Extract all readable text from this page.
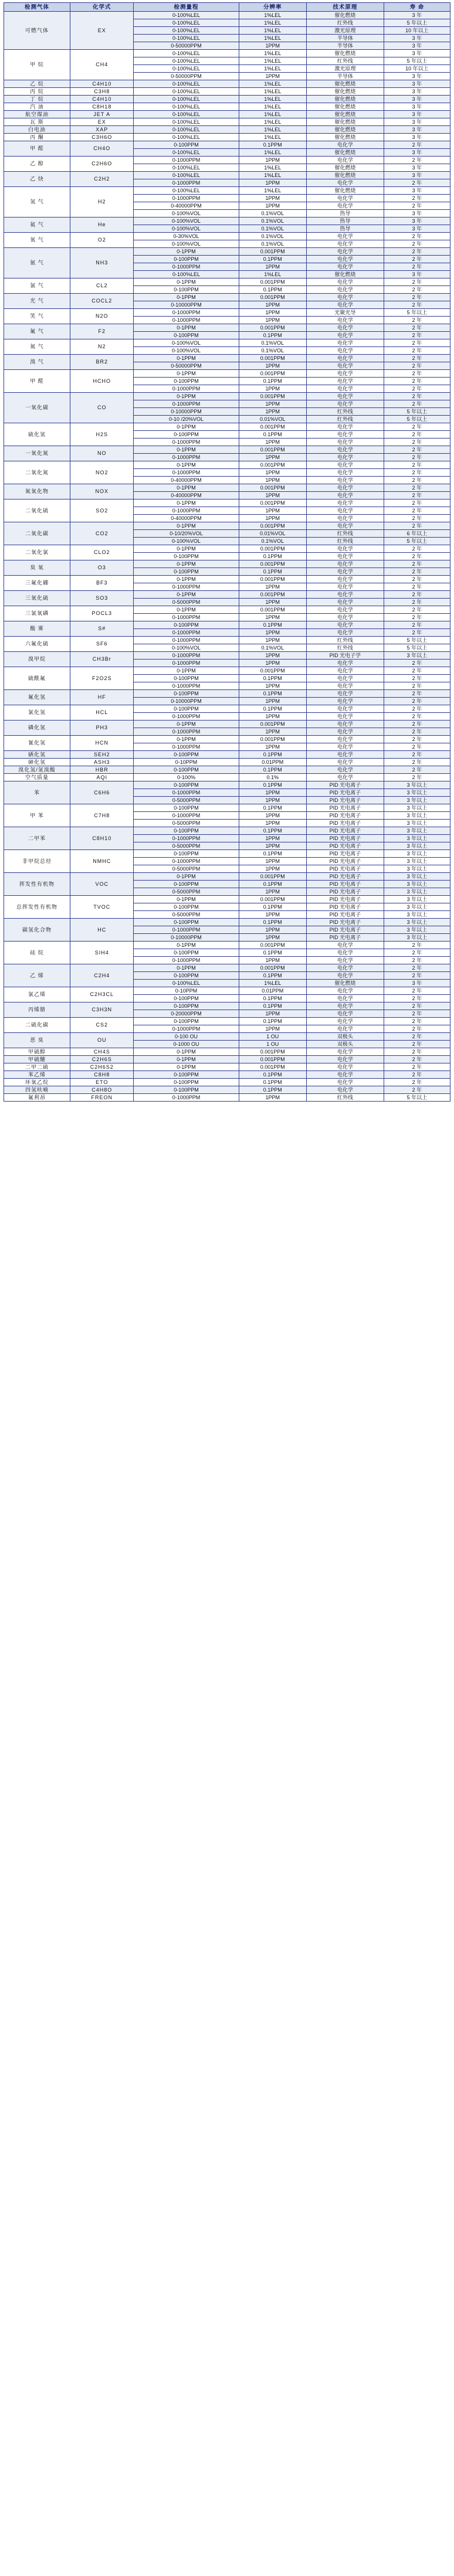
检测气体	化学式	检测量程	分辨率	技术原理	寿 命
可燃气体	EX	0-100%LEL	1%LEL	催化燃烧	3 年
		0-100%LEL	1%LEL	红外线	5 年以上
		0-100%LEL	1%LEL	激光原理	10 年以上
		0-100%LEL	1%LEL	半导体	3 年
		0-50000PPM	1PPM	半导体	3 年
甲 烷	CH4	0-100%LEL	1%LEL	催化燃烧	3 年
		0-100%LEL	1%LEL	红外线	5 年以上
		0-100%LEL	1%LEL	激光原理	10 年以上
		0-50000PPM	1PPM	半导体	3 年
乙 烷	C4H10	0-100%LEL	1%LEL	催化燃烧	3 年
丙 烷	C3H8	0-100%LEL	1%LEL	催化燃烧	3 年
丁 烷	C4H10	0-100%LEL	1%LEL	催化燃烧	3 年
汽 油	C8H18	0-100%LEL	1%LEL	催化燃烧	3 年
航空煤油	JET A	0-100%LEL	1%LEL	催化燃烧	3 年
瓦 斯	EX	0-100%LEL	1%LEL	催化燃烧	3 年
白电油	XAP	0-100%LEL	1%LEL	催化燃烧	3 年
丙 酮	C3H6O	0-100%LEL	1%LEL	催化燃烧	3 年
甲 醛	CH4O	0-100PPM	0.1PPM	电化学	2 年
		0-100%LEL	1%LEL	催化燃烧	3 年
乙 醇	C2H6O	0-1000PPM	1PPM	电化学	2 年
		0-100%LEL	1%LEL	催化燃烧	3 年
乙 炔	C2H2	0-100%LEL	1%LEL	催化燃烧	3 年
		0-1000PPM	1PPM	电化学	2 年
氢 气	H2	0-100%LEL	1%LEL	催化燃烧	3 年
		0-1000PPM	1PPM	电化学	2 年
		0-40000PPM	1PPM	电化学	2 年
		0-100%VOL	0.1%VOL	热导	3 年
氦 气	He	0-100%VOL	0.1%VOL	热导	3 年
		0-100%VOL	0.1%VOL	热导	3 年
氧 气	O2	0-30%VOL	0.1%VOL	电化学	2 年
		0-100%VOL	0.1%VOL	电化学	2 年
氨 气	NH3	0-1PPM	0.001PPM	电化学	2 年
		0-100PPM	0.1PPM	电化学	2 年
		0-1000PPM	1PPM	电化学	2 年
		0-100%LEL	1%LEL	催化燃烧	3 年
氯 气	CL2	0-1PPM	0.001PPM	电化学	2 年
		0-100PPM	0.1PPM	电化学	2 年
光 气	COCL2	0-1PPM	0.001PPM	电化学	2 年
		0-10000PPM	1PPM	电化学	2 年
笑 气	N2O	0-1000PPM	1PPM	光聚光导	5 年以上
		0-1000PPM	1PPM	电化学	2 年
氟 气	F2	0-1PPM	0.001PPM	电化学	2 年
		0-100PPM	0.1PPM	电化学	2 年
氮 气	N2	0-100%VOL	0.1%VOL	电化学	2 年
		0-100%VOL	0.1%VOL	电化学	2 年
溴 气	BR2	0-1PPM	0.001PPM	电化学	2 年
		0-50000PPM	1PPM	电化学	2 年
甲 醛	HCHO	0-1PPM	0.001PPM	电化学	2 年
		0-100PPM	0.1PPM	电化学	2 年
		0-1000PPM	1PPM	电化学	2 年
一氧化碳	CO	0-1PPM	0.001PPM	电化学	2 年
		0-1000PPM	1PPM	电化学	2 年
		0-10000PPM	1PPM	红外线	5 年以上
		0-10 /20%VOL	0.01%VOL	红外线	5 年以上
硫化氢	H2S	0-1PPM	0.001PPM	电化学	2 年
		0-100PPM	0.1PPM	电化学	2 年
		0-1000PPM	1PPM	电化学	2 年
一氧化氮	NO	0-1PPM	0.001PPM	电化学	2 年
		0-1000PPM	1PPM	电化学	2 年
二氧化氮	NO2	0-1PPM	0.001PPM	电化学	2 年
		0-1000PPM	1PPM	电化学	2 年
		0-40000PPM	1PPM	电化学	2 年
氮氧化物	NOX	0-1PPM	0.001PPM	电化学	2 年
		0-40000PPM	1PPM	电化学	2 年
二氧化硫	SO2	0-1PPM	0.001PPM	电化学	2 年
		0-1000PPM	1PPM	电化学	2 年
		0-40000PPM	1PPM	电化学	2 年
二氧化碳	CO2	0-1PPM	0.001PPM	电化学	2 年
		0-10/20%VOL	0.01%VOL	红外线	6 年以上
		0-100%VOL	0.1%VOL	红外线	5 年以上
二氧化氯	CLO2	0-1PPM	0.001PPM	电化学	2 年
		0-100PPM	0.1PPM	电化学	2 年
臭 氧	O3	0-1PPM	0.001PPM	电化学	2 年
		0-100PPM	0.1PPM	电化学	2 年
三氟化硼	BF3	0-1PPM	0.001PPM	电化学	2 年
		0-1000PPM	1PPM	电化学	2 年
三氧化硫	SO3	0-1PPM	0.001PPM	电化学	2 年
		0-5000PPM	1PPM	电化学	2 年
三氯氧磷	POCL3	0-1PPM	0.001PPM	电化学	2 年
		0-1000PPM	1PPM	电化学	2 年
酸 雾	S#	0-100PPM	0.1PPM	电化学	2 年
		0-1000PPM	1PPM	电化学	2 年
六氟化硫	SF6	0-1000PPM	1PPM	红外线	5 年以上
		0-100%VOL	0.1%VOL	红外线	5 年以上
溴甲烷	CH3Br	0-1000PPM	1PPM	PID 光电子学	3 年以上
		0-1000PPM	1PPM	电化学	2 年
硫酰氟	F2O2S	0-1PPM	0.001PPM	电化学	2 年
		0-100PPM	0.1PPM	电化学	2 年
		0-1000PPM	1PPM	电化学	2 年
氟化氢	HF	0-100PPM	0.1PPM	电化学	2 年
		0-10000PPM	1PPM	电化学	2 年
氯化氢	HCL	0-100PPM	0.1PPM	电化学	2 年
		0-1000PPM	1PPM	电化学	2 年
磷化氢	PH3	0-1PPM	0.001PPM	电化学	2 年
		0-1000PPM	1PPM	电化学	2 年
氰化氢	HCN	0-1PPM	0.001PPM	电化学	2 年
		0-1000PPM	1PPM	电化学	2 年
硒化氢	SEH2	0-100PPM	0.1PPM	电化学	2 年
砷化氢	ASH3	0-10PPM	0.01PPM	电化学	2 年
溴化氢/氢溴酸	HBR	0-100PPM	0.1PPM	电化学	2 年
空气质量	AQI	0-100%	0.1%	电化学	2 年
苯	C6H6	0-100PPM	0.1PPM	PID 光电离子	3 年以上
		0-1000PPM	1PPM	PID 光电离子	3 年以上
		0-5000PPM	1PPM	PID 光电离子	3 年以上
甲 苯	C7H8	0-100PPM	0.1PPM	PID 光电离子	3 年以上
		0-1000PPM	1PPM	PID 光电离子	3 年以上
		0-5000PPM	1PPM	PID 光电离子	3 年以上
二甲苯	C8H10	0-100PPM	0.1PPM	PID 光电离子	3 年以上
		0-1000PPM	1PPM	PID 光电离子	3 年以上
		0-5000PPM	1PPM	PID 光电离子	3 年以上
非甲烷总烃	NMHC	0-100PPM	0.1PPM	PID 光电离子	3 年以上
		0-1000PPM	1PPM	PID 光电离子	3 年以上
		0-5000PPM	1PPM	PID 光电离子	3 年以上
挥发性有机物	VOC	0-1PPM	0.001PPM	PID 光电离子	3 年以上
		0-100PPM	0.1PPM	PID 光电离子	3 年以上
		0-5000PPM	1PPM	PID 光电离子	3 年以上
总挥发性有机物	TVOC	0-1PPM	0.001PPM	PID 光电离子	3 年以上
		0-100PPM	0.1PPM	PID 光电离子	3 年以上
		0-5000PPM	1PPM	PID 光电离子	3 年以上
碳氢化合物	HC	0-100PPM	0.1PPM	PID 光电离子	3 年以上
		0-1000PPM	1PPM	PID 光电离子	3 年以上
		0-10000PPM	1PPM	PID 光电离子	3 年以上
硅 烷	SIH4	0-1PPM	0.001PPM	电化学	2 年
		0-100PPM	0.1PPM	电化学	2 年
		0-1000PPM	1PPM	电化学	2 年
乙 烯	C2H4	0-1PPM	0.001PPM	电化学	2 年
		0-100PPM	0.1PPM	电化学	2 年
		0-100%LEL	1%LEL	催化燃烧	3 年
氯乙烯	C2H3CL	0-10PPM	0.01PPM	电化学	2 年
		0-100PPM	0.1PPM	电化学	2 年
丙烯腈	C3H3N	0-100PPM	0.1PPM	电化学	2 年
		0-20000PPM	1PPM	电化学	2 年
二硫化碳	CS2	0-100PPM	0.1PPM	电化学	2 年
		0-1000PPM	1PPM	电化学	2 年
恶 臭	OU	0-100 OU	1 OU	双极头	2 年
		0-1000 OU	1 OU	双极头	2 年
甲硫醇	CH4S	0-1PPM	0.001PPM	电化学	2 年
甲硫醚	C2H6S	0-1PPM	0.001PPM	电化学	2 年
二甲二硫	C2H6S2	0-1PPM	0.001PPM	电化学	2 年
苯乙烯	C8H8	0-100PPM	0.1PPM	电化学	2 年
环氧乙烷	ETO	0-100PPM	0.1PPM	电化学	2 年
四氢呋喃	C4H8O	0-100PPM	0.1PPM	电化学	2 年
氟利昂	FREON	0-1000PPM	1PPM	红外线	5 年以上
